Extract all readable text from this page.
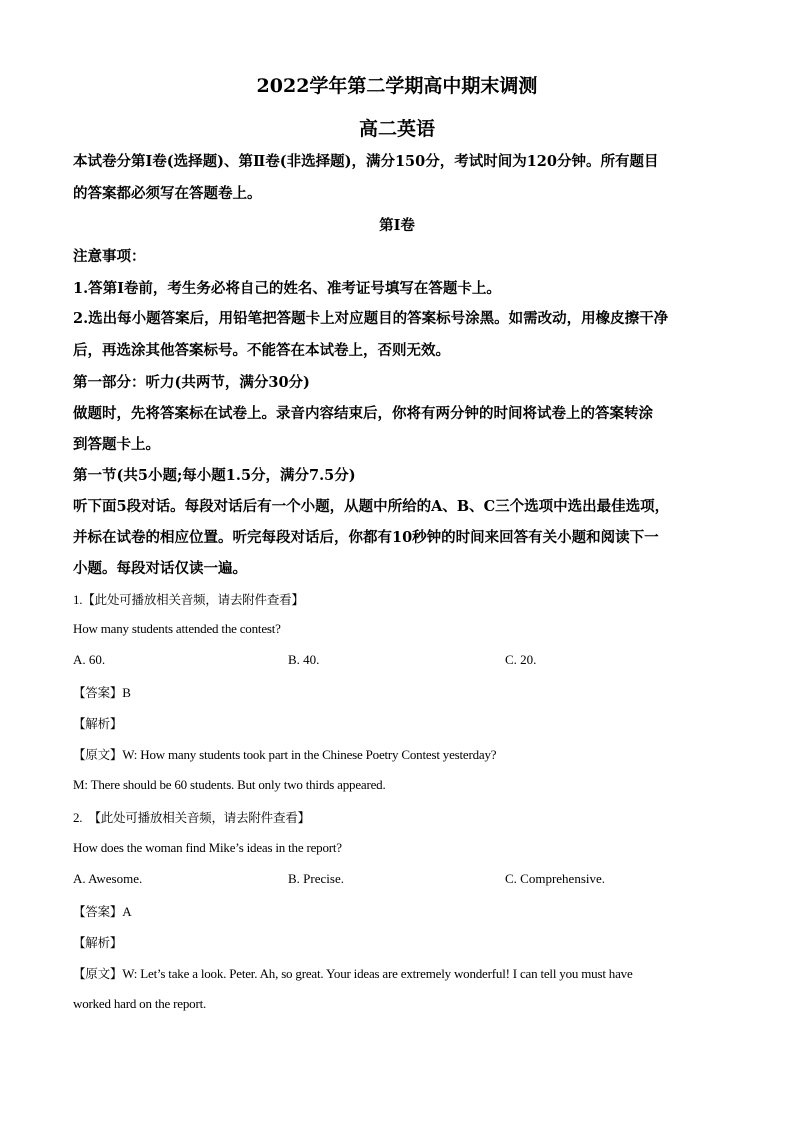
2022学年第二学期高中期末调测
高二英语
本试卷分第Ⅰ卷(选择题)、第Ⅱ卷(非选择题)，满分150分，考试时间为120分钟。所有题目
的答案都必须写在答题卷上。
第Ⅰ卷
注意事项：
1.答第Ⅰ卷前，考生务必将自己的姓名、准考证号填写在答题卡上。
2.选出每小题答案后，用铅笔把答题卡上对应题目的答案标号涂黑。如需改动，用橡皮擦干净
后，再选涂其他答案标号。不能答在本试卷上，否则无效。
第一部分：听力(共两节，满分30分)
做题时，先将答案标在试卷上。录音内容结束后，你将有两分钟的时间将试卷上的答案转涂
到答题卡上。
第一节(共5小题;每小题1.5分，满分7.5分)
听下面5段对话。每段对话后有一个小题，从题中所给的A、B、C三个选项中选出最佳选项，
并标在试卷的相应位置。听完每段对话后，你都有10秒钟的时间来回答有关小题和阅读下一
小题。每段对话仅读一遍。
1.【此处可播放相关音频，请去附件查看】
How many students attended the contest?
A. 60.	B. 40.	C. 20.
【答案】B
【解析】
【原文】W: How many students took part in the Chinese Poetry Contest yesterday?
M: There should be 60 students. But only two thirds appeared.
2. 【此处可播放相关音频，请去附件查看】
How does the woman find Mike’s ideas in the report?
A. Awesome.	B. Precise.	C. Comprehensive.
【答案】A
【解析】
【原文】W: Let’s take a look. Peter. Ah, so great. Your ideas are extremely wonderful! I can tell you must have
worked hard on the report.
